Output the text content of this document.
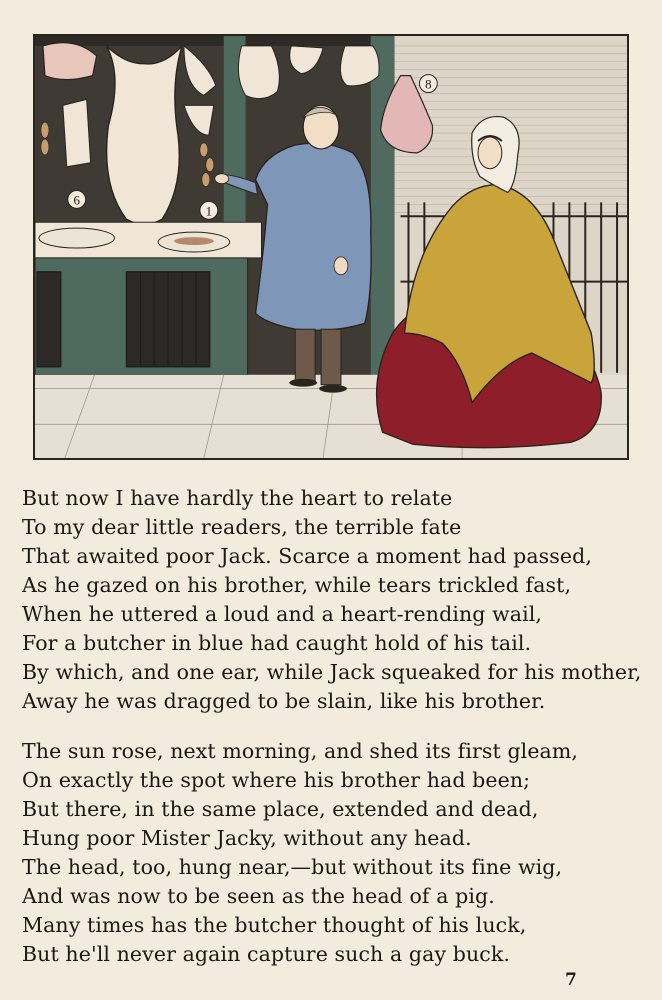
6
1
8
But now I have hardly the heart to relate
To my dear little readers, the terrible fate
That awaited poor Jack. Scarce a moment had passed,
As he gazed on his brother, while tears trickled fast,
When he uttered a loud and a heart-rending wail,
For a butcher in blue had caught hold of his tail.
By which, and one ear, while Jack squeaked for his mother,
Away he was dragged to be slain, like his brother.
The sun rose, next morning, and shed its first gleam,
On exactly the spot where his brother had been;
But there, in the same place, extended and dead,
Hung poor Mister Jacky, without any head.
The head, too, hung near,—but without its fine wig,
And was now to be seen as the head of a pig.
Many times has the butcher thought of his luck,
But he'll never again capture such a gay buck.
7
